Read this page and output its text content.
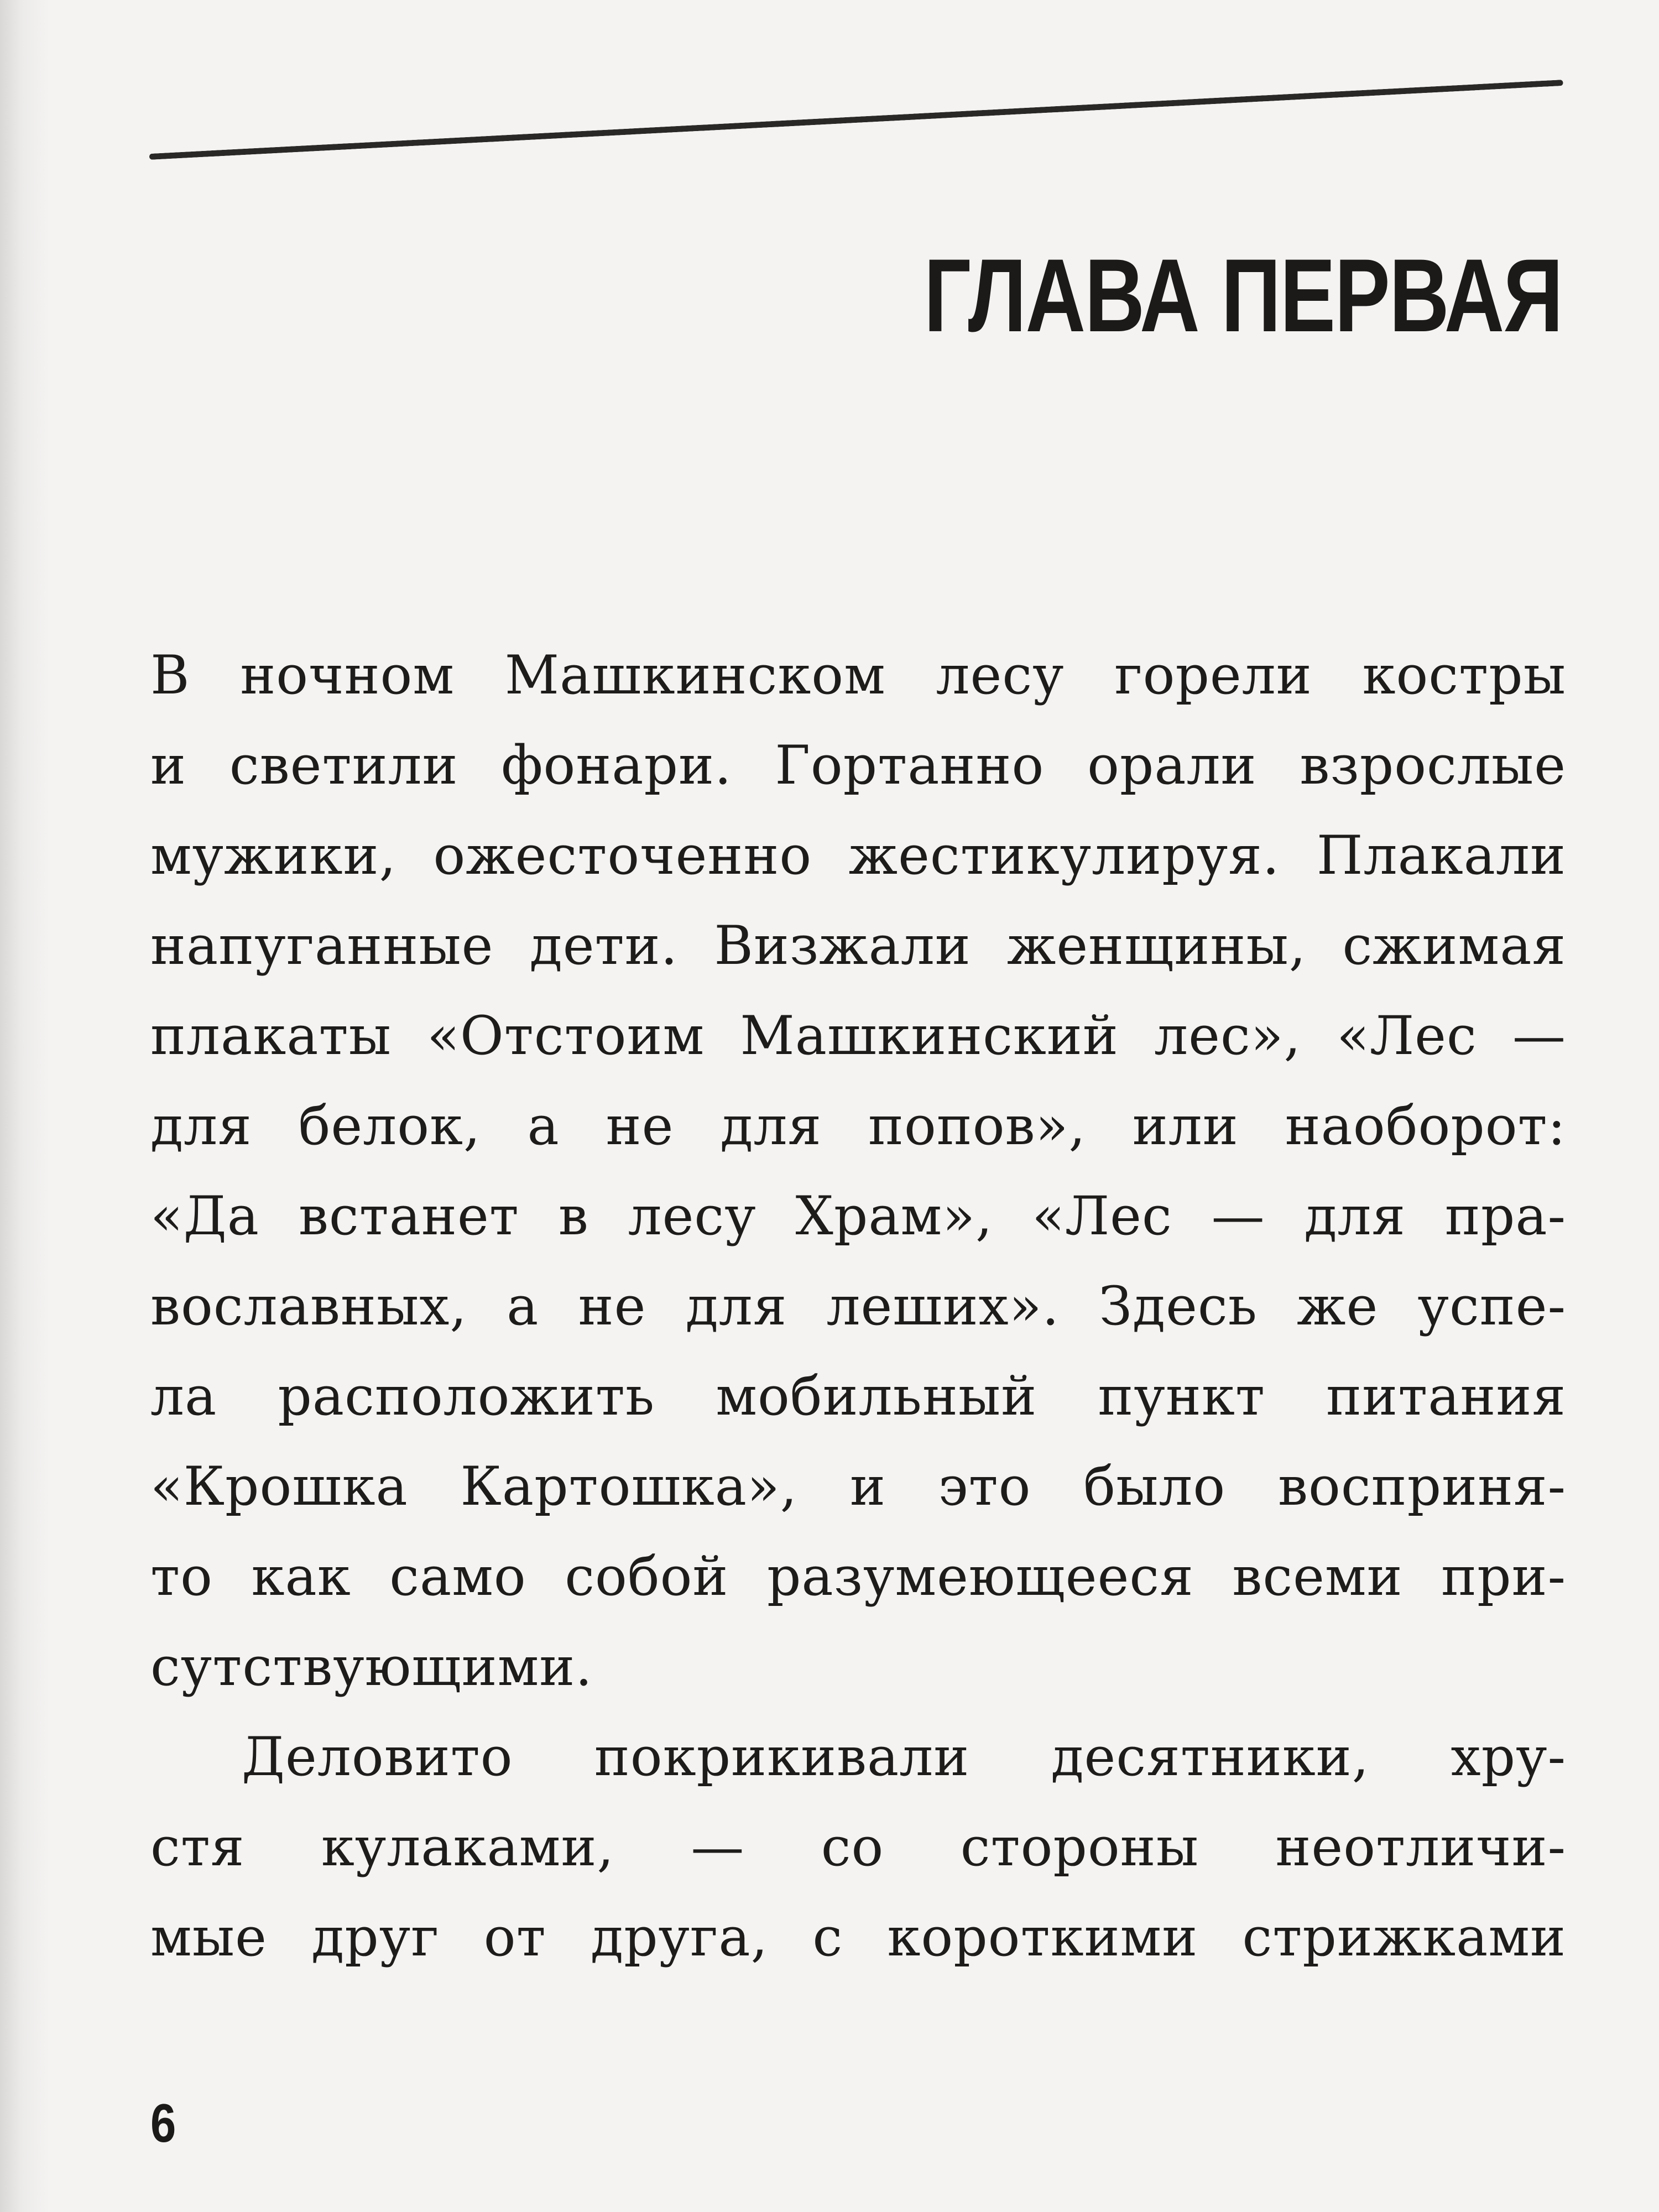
ГЛАВА ПЕРВАЯ
В ночном Машкинском лесу горели костры
и светили фонари. Гортанно орали взрослые
мужики, ожесточенно жестикулируя. Плакали
напуганные дети. Визжали женщины, сжимая
плакаты «Отстоим Машкинский лес», «Лес —
для белок, а не для попов», или наоборот:
«Да встанет в лесу Храм», «Лес — для пра-
вославных, а не для леших». Здесь же успе-
ла расположить мобильный пункт питания
«Крошка Картошка», и это было восприня-
то как само собой разумеющееся всеми при-
сутствующими.
Деловито покрикивали десятники, хру-
стя кулаками, — со стороны неотличи-
мые друг от друга, с короткими стрижками
6
